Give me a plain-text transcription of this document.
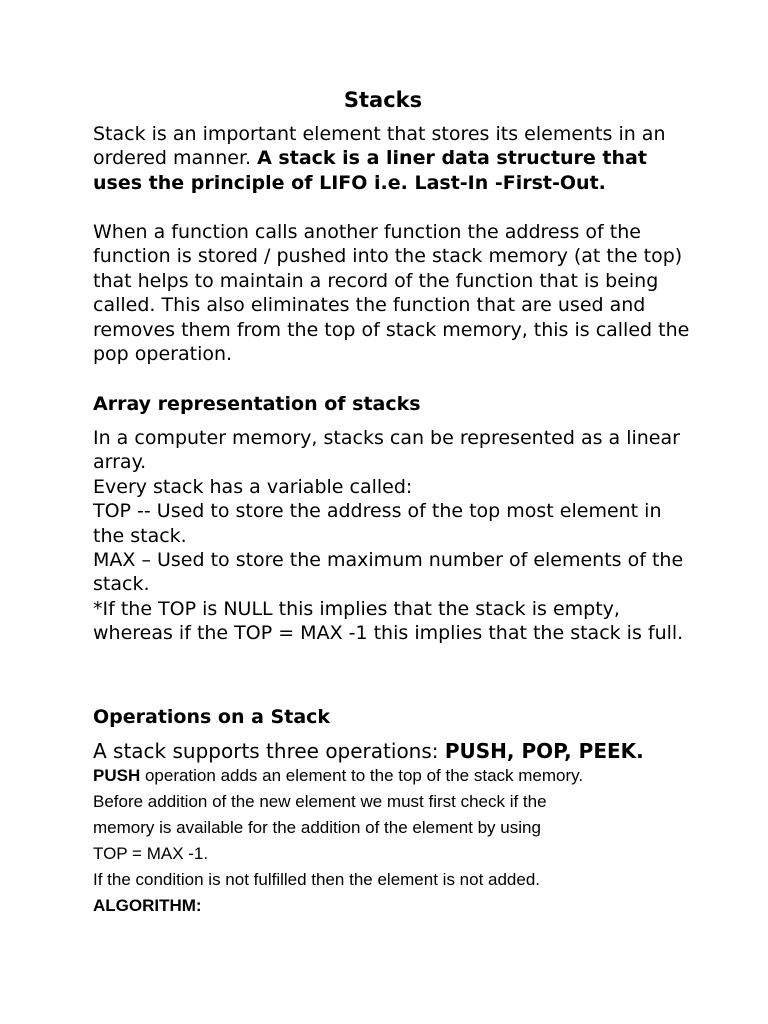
Stacks

Stack is an important element that stores its elements in an ordered manner. A stack is a liner data structure that uses the principle of LIFO i.e. Last-In -First-Out.

When a function calls another function the address of the function is stored / pushed into the stack memory (at the top) that helps to maintain a record of the function that is being called. This also eliminates the function that are used and removes them from the top of stack memory, this is called the pop operation.

Array representation of stacks
In a computer memory, stacks can be represented as a linear array.
Every stack has a variable called:
TOP -- Used to store the address of the top most element in the stack.
MAX – Used to store the maximum number of elements of the stack.
*If the TOP is NULL this implies that the stack is empty, whereas if the TOP = MAX -1 this implies that the stack is full.
Operations on a Stack

A stack supports three operations: PUSH, POP, PEEK.

PUSH operation adds an element to the top of the stack memory.
Before addition of the new element we must first check if the
memory is available for the addition of the element by using
TOP = MAX -1.
If the condition is not fulfilled then the element is not added.
ALGORITHM:
